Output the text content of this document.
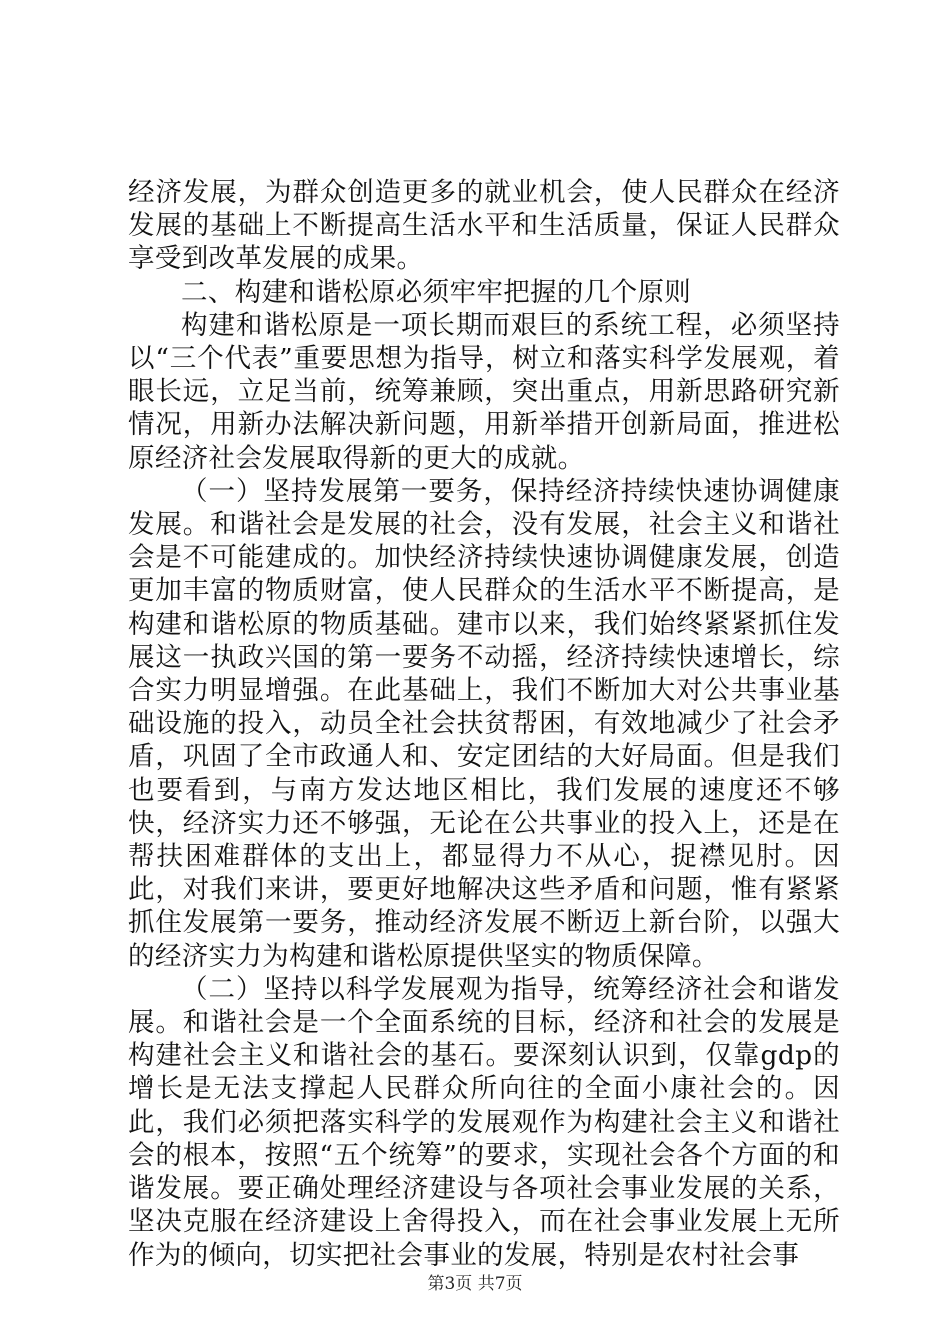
经济发展，为群众创造更多的就业机会，使人民群众在经济发展的基础上不断提高生活水平和生活质量，保证人民群众享受到改革发展的成果。

二、构建和谐松原必须牢牢把握的几个原则

构建和谐松原是一项长期而艰巨的系统工程，必须坚持以“三个代表”重要思想为指导，树立和落实科学发展观，着眼长远，立足当前，统筹兼顾，突出重点，用新思路研究新情况，用新办法解决新问题，用新举措开创新局面，推进松原经济社会发展取得新的更大的成就。

（一）坚持发展第一要务，保持经济持续快速协调健康发展。和谐社会是发展的社会，没有发展，社会主义和谐社会是不可能建成的。加快经济持续快速协调健康发展，创造更加丰富的物质财富，使人民群众的生活水平不断提高，是构建和谐松原的物质基础。建市以来，我们始终紧紧抓住发展这一执政兴国的第一要务不动摇，经济持续快速增长，综合实力明显增强。在此基础上，我们不断加大对公共事业基础设施的投入，动员全社会扶贫帮困，有效地减少了社会矛盾，巩固了全市政通人和、安定团结的大好局面。但是我们也要看到，与南方发达地区相比，我们发展的速度还不够快，经济实力还不够强，无论在公共事业的投入上，还是在帮扶困难群体的支出上，都显得力不从心，捉襟见肘。因此，对我们来讲，要更好地解决这些矛盾和问题，惟有紧紧抓住发展第一要务，推动经济发展不断迈上新台阶，以强大的经济实力为构建和谐松原提供坚实的物质保障。

（二）坚持以科学发展观为指导，统筹经济社会和谐发展。和谐社会是一个全面系统的目标，经济和社会的发展是构建社会主义和谐社会的基石。要深刻认识到，仅靠gdp的增长是无法支撑起人民群众所向往的全面小康社会的。因此，我们必须把落实科学的发展观作为构建社会主义和谐社会的根本，按照“五个统筹”的要求，实现社会各个方面的和谐发展。要正确处理经济建设与各项社会事业发展的关系，坚决克服在经济建设上舍得投入，而在社会事业发展上无所作为的倾向，切实把社会事业的发展，特别是农村社会事

第3页 共7页
